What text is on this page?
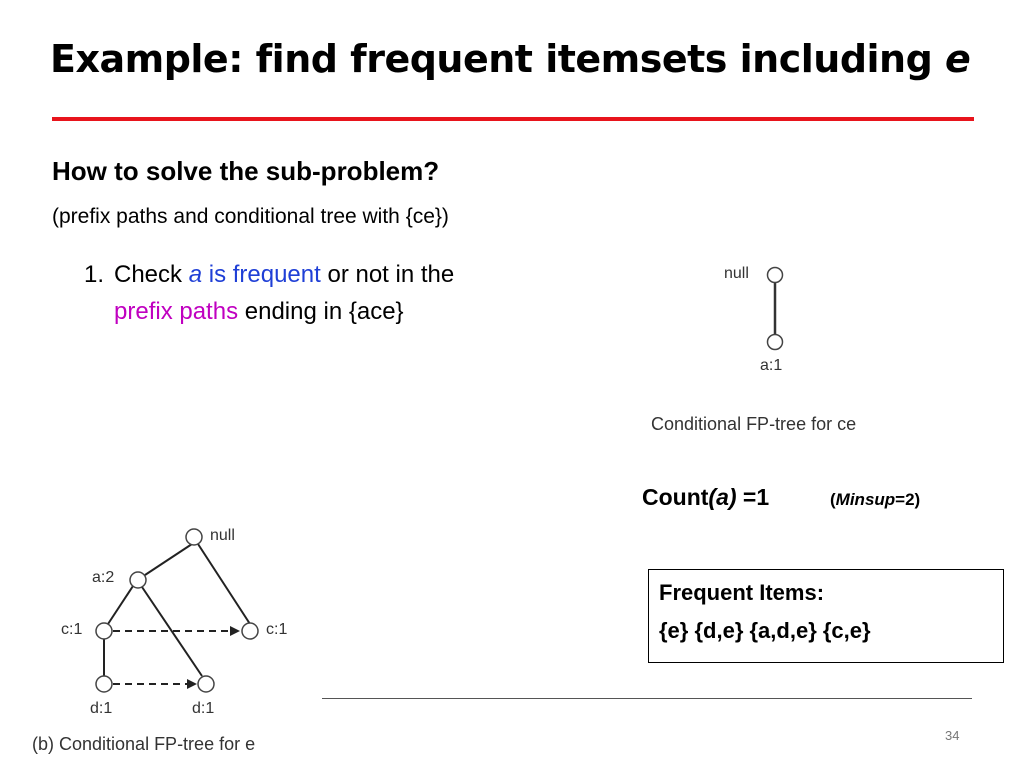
Example: find frequent itemsets including e
How to solve the sub-problem?
(prefix paths and conditional tree with {ce})
1. Check a is frequent or not in the
prefix paths ending in {ace}
null
a:1
Conditional FP-tree for ce
null
a:2
c:1	c:1
d:1	d:1
(b) Conditional FP-tree for e
Count(a) =1	(Minsup=2)
Frequent Items:
{e} {d,e} {a,d,e} {c,e}
34
